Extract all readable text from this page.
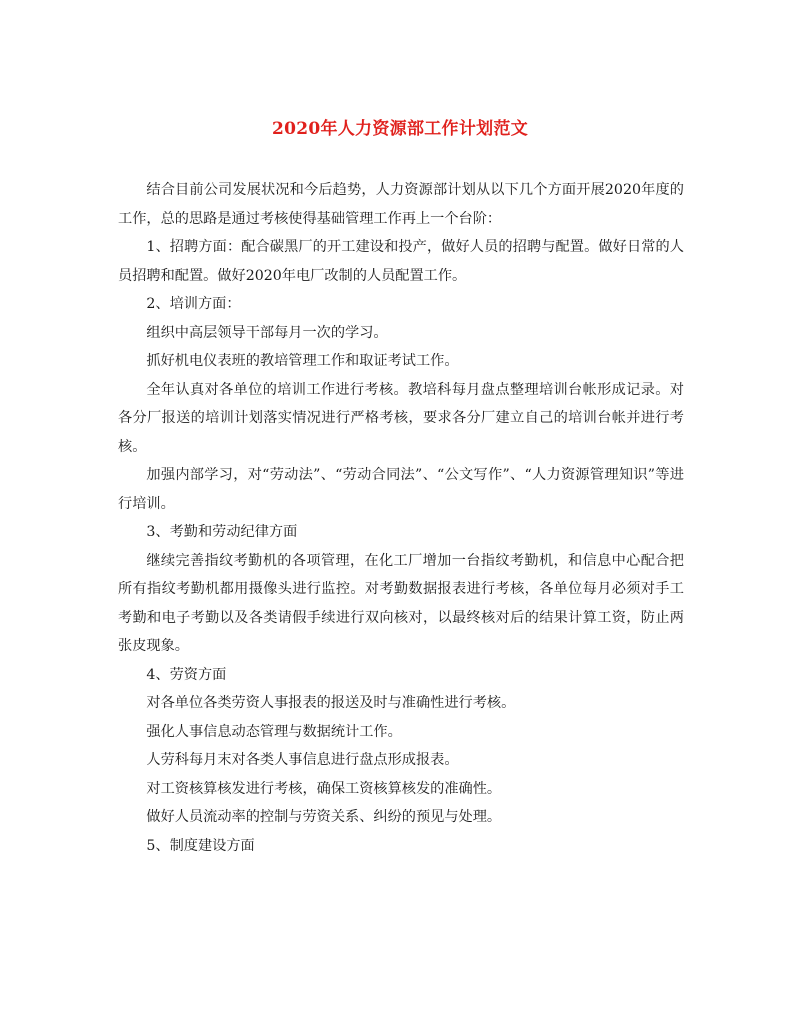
2020年人力资源部工作计划范文

结合目前公司发展状况和今后趋势，人力资源部计划从以下几个方面开展2020年度的工作，总的思路是通过考核使得基础管理工作再上一个台阶：

1、招聘方面：配合碳黑厂的开工建设和投产，做好人员的招聘与配置。做好日常的人员招聘和配置。做好2020年电厂改制的人员配置工作。

2、培训方面：

组织中高层领导干部每月一次的学习。

抓好机电仪表班的教培管理工作和取证考试工作。

全年认真对各单位的培训工作进行考核。教培科每月盘点整理培训台帐形成记录。对各分厂报送的培训计划落实情况进行严格考核，要求各分厂建立自己的培训台帐并进行考核。

加强内部学习，对“劳动法”、“劳动合同法”、“公文写作”、“人力资源管理知识”等进行培训。

3、考勤和劳动纪律方面

继续完善指纹考勤机的各项管理，在化工厂增加一台指纹考勤机，和信息中心配合把所有指纹考勤机都用摄像头进行监控。对考勤数据报表进行考核，各单位每月必须对手工考勤和电子考勤以及各类请假手续进行双向核对，以最终核对后的结果计算工资，防止两张皮现象。

4、劳资方面

对各单位各类劳资人事报表的报送及时与准确性进行考核。

强化人事信息动态管理与数据统计工作。

人劳科每月末对各类人事信息进行盘点形成报表。

对工资核算核发进行考核，确保工资核算核发的准确性。

做好人员流动率的控制与劳资关系、纠纷的预见与处理。

5、制度建设方面
